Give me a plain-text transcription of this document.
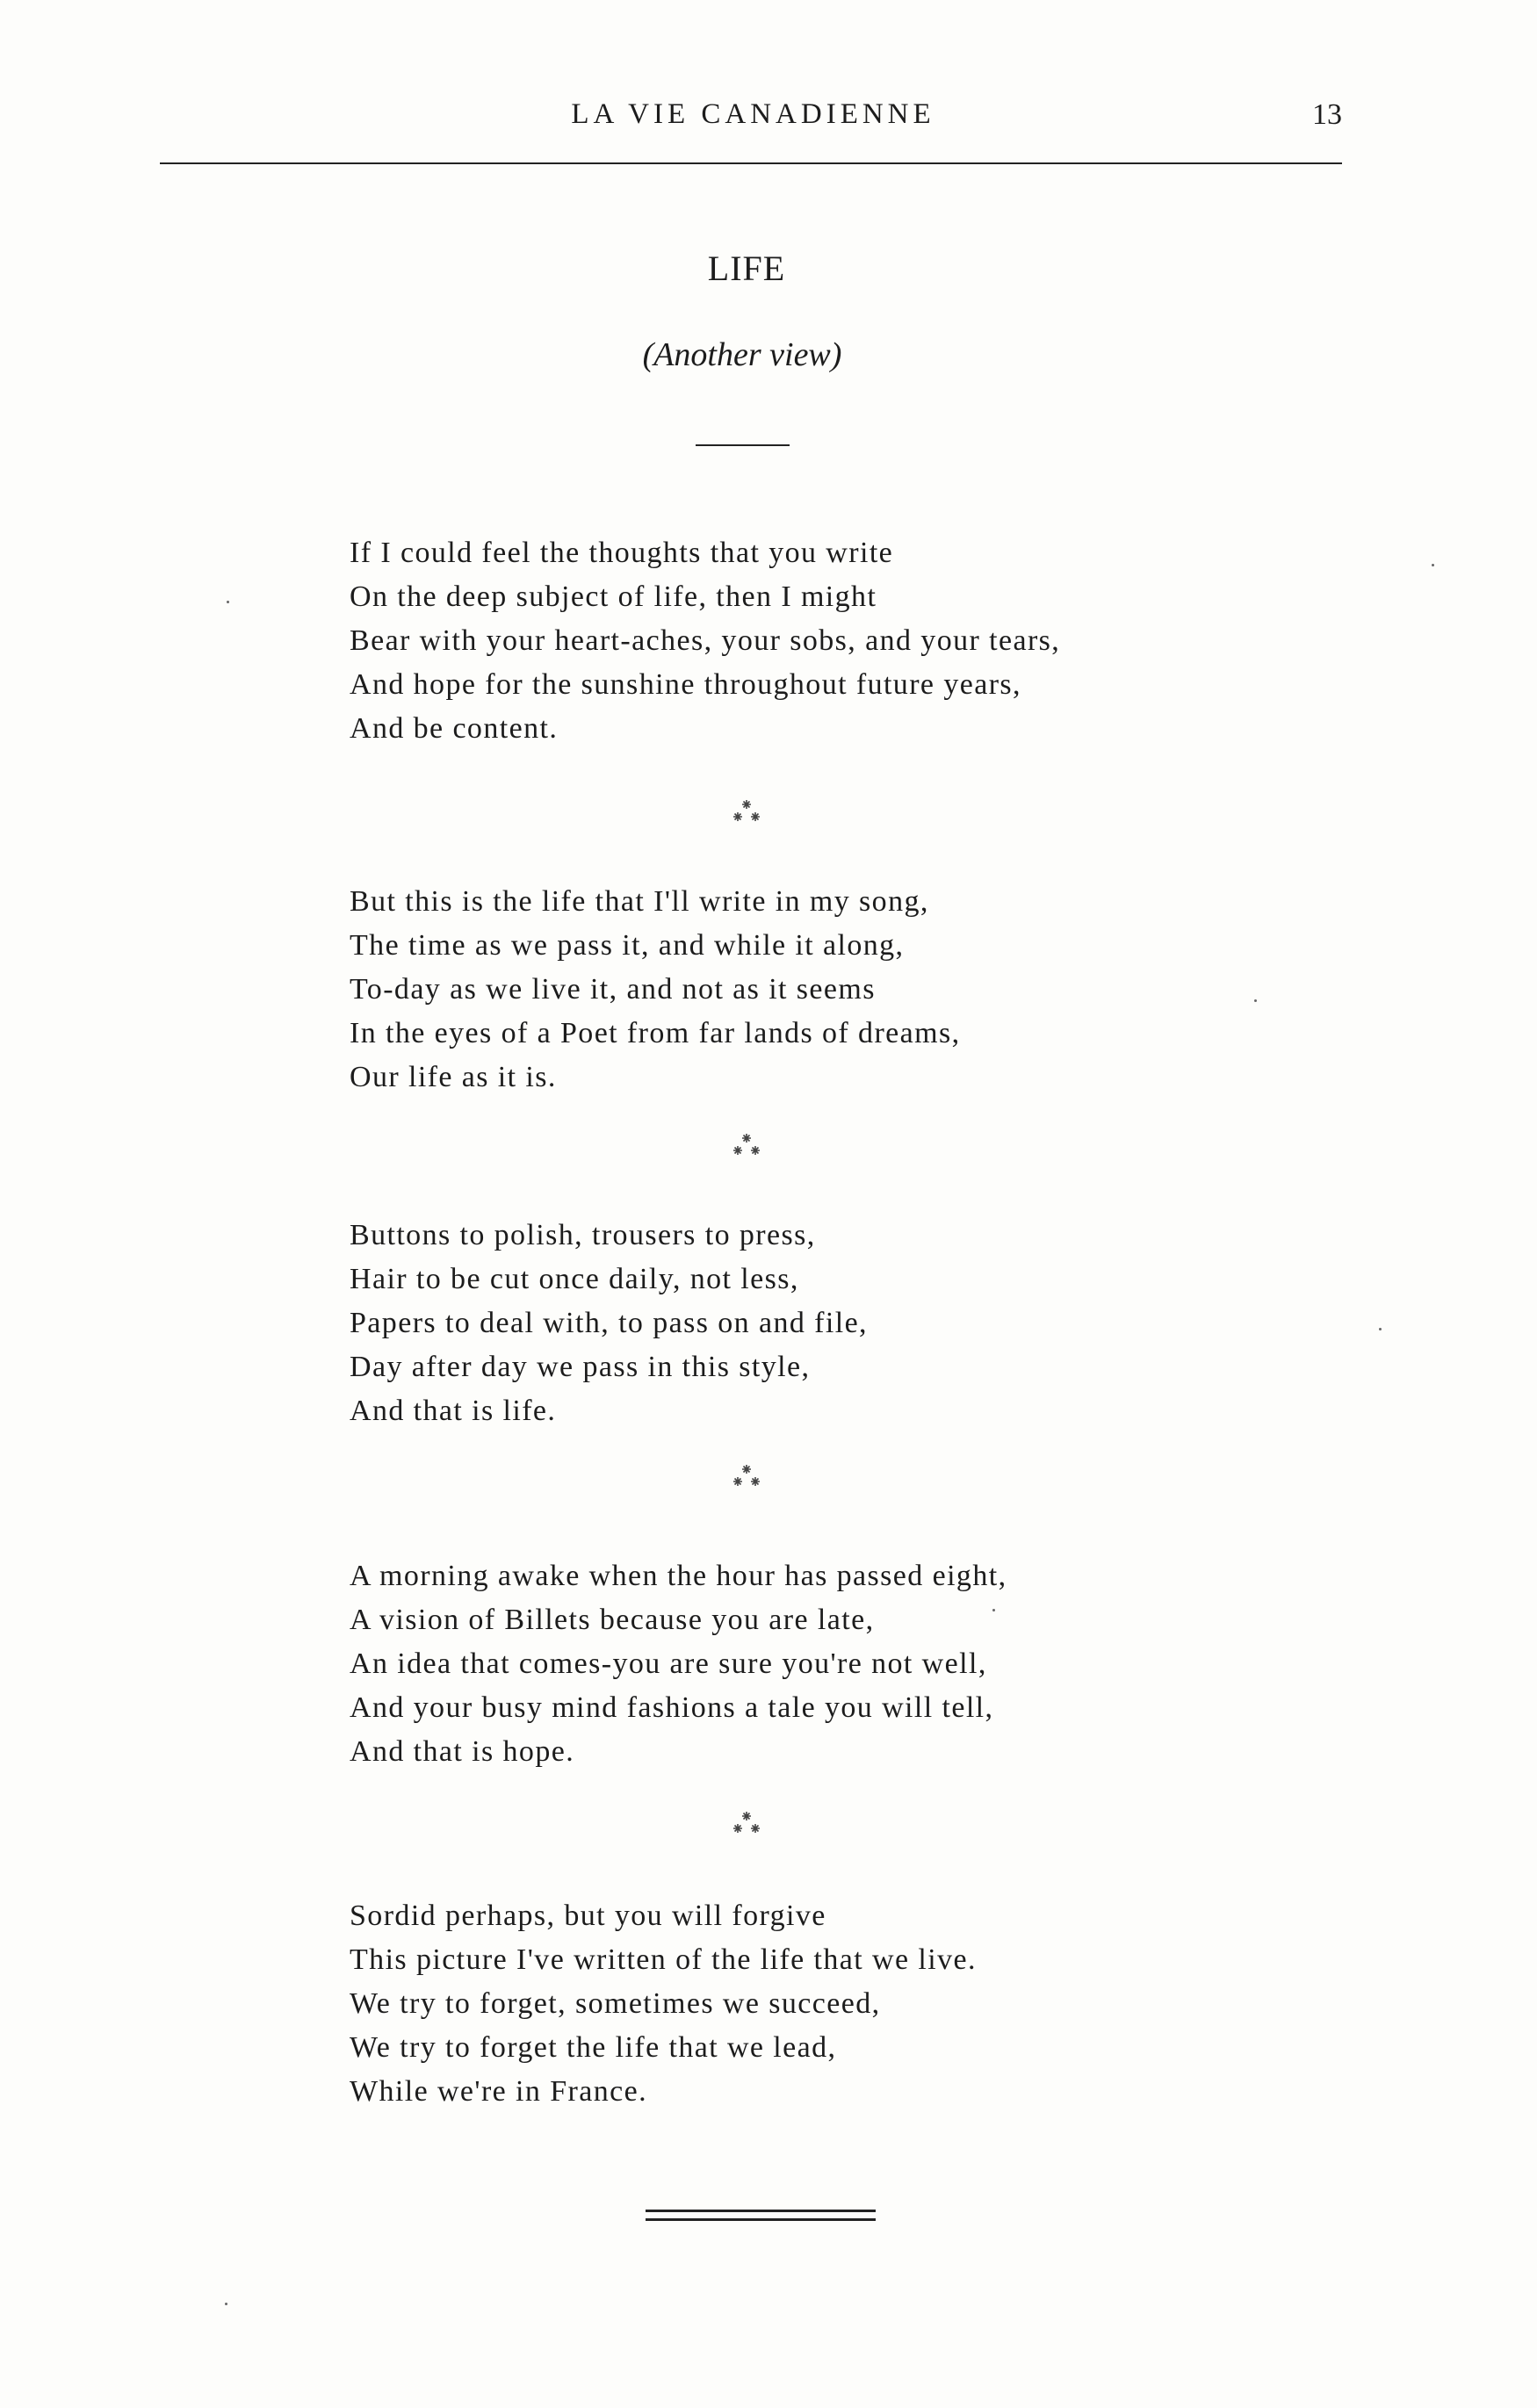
LA VIE CANADIENNE	13
LIFE
(Another view)
If I could feel the thoughts that you write
On the deep subject of life, then I might
Bear with your heart-aches, your sobs, and your tears,
And hope for the sunshine throughout future years,
And be content.
But this is the life that I'll write in my song,
The time as we pass it, and while it along,
To-day as we live it, and not as it seems
In the eyes of a Poet from far lands of dreams,
Our life as it is.
Buttons to polish, trousers to press,
Hair to be cut once daily, not less,
Papers to deal with, to pass on and file,
Day after day we pass in this style,
And that is life.
A morning awake when the hour has passed eight,
A vision of Billets because you are late,
An idea that comes-you are sure you're not well,
And your busy mind fashions a tale you will tell,
And that is hope.
Sordid perhaps, but you will forgive
This picture I've written of the life that we live.
We try to forget, sometimes we succeed,
We try to forget the life that we lead,
While we're in France.
